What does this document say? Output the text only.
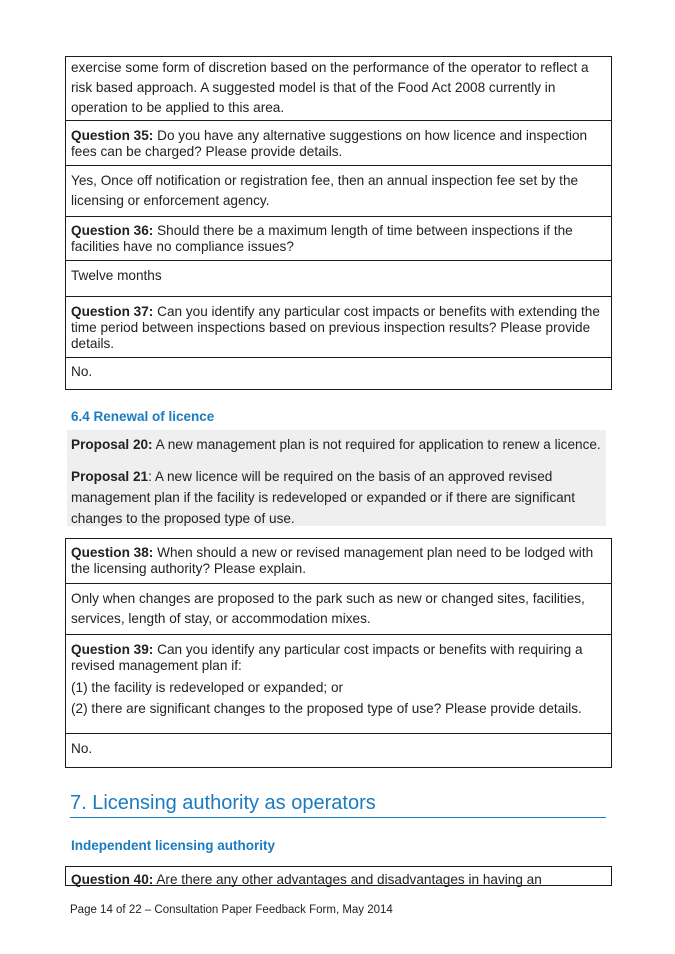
exercise some form of discretion based on the performance of the operator to reflect a risk based approach. A suggested model is that of the Food Act 2008 currently in operation to be applied to this area.
Question 35: Do you have any alternative suggestions on how licence and inspection fees can be charged? Please provide details.
Yes, Once off notification or registration fee, then an annual inspection fee set by the licensing or enforcement agency.
Question 36: Should there be a maximum length of time between inspections if the facilities have no compliance issues?
Twelve months
Question 37: Can you identify any particular cost impacts or benefits with extending the time period between inspections based on previous inspection results? Please provide details.
No.
6.4 Renewal of licence

Proposal 20: A new management plan is not required for application to renew a licence.

Proposal 21: A new licence will be required on the basis of an approved revised management plan if the facility is redeveloped or expanded or if there are significant changes to the proposed type of use.

Question 38: When should a new or revised management plan need to be lodged with the licensing authority? Please explain.
Only when changes are proposed to the park such as new or changed sites, facilities, services, length of stay, or accommodation mixes.
Question 39: Can you identify any particular cost impacts or benefits with requiring a revised management plan if:
(1) the facility is redeveloped or expanded; or
(2) there are significant changes to the proposed type of use? Please provide details.
No.
7. Licensing authority as operators
Independent licensing authority
Question 40: Are there any other advantages and disadvantages in having an
Page 14 of 22 – Consultation Paper Feedback Form, May 2014
